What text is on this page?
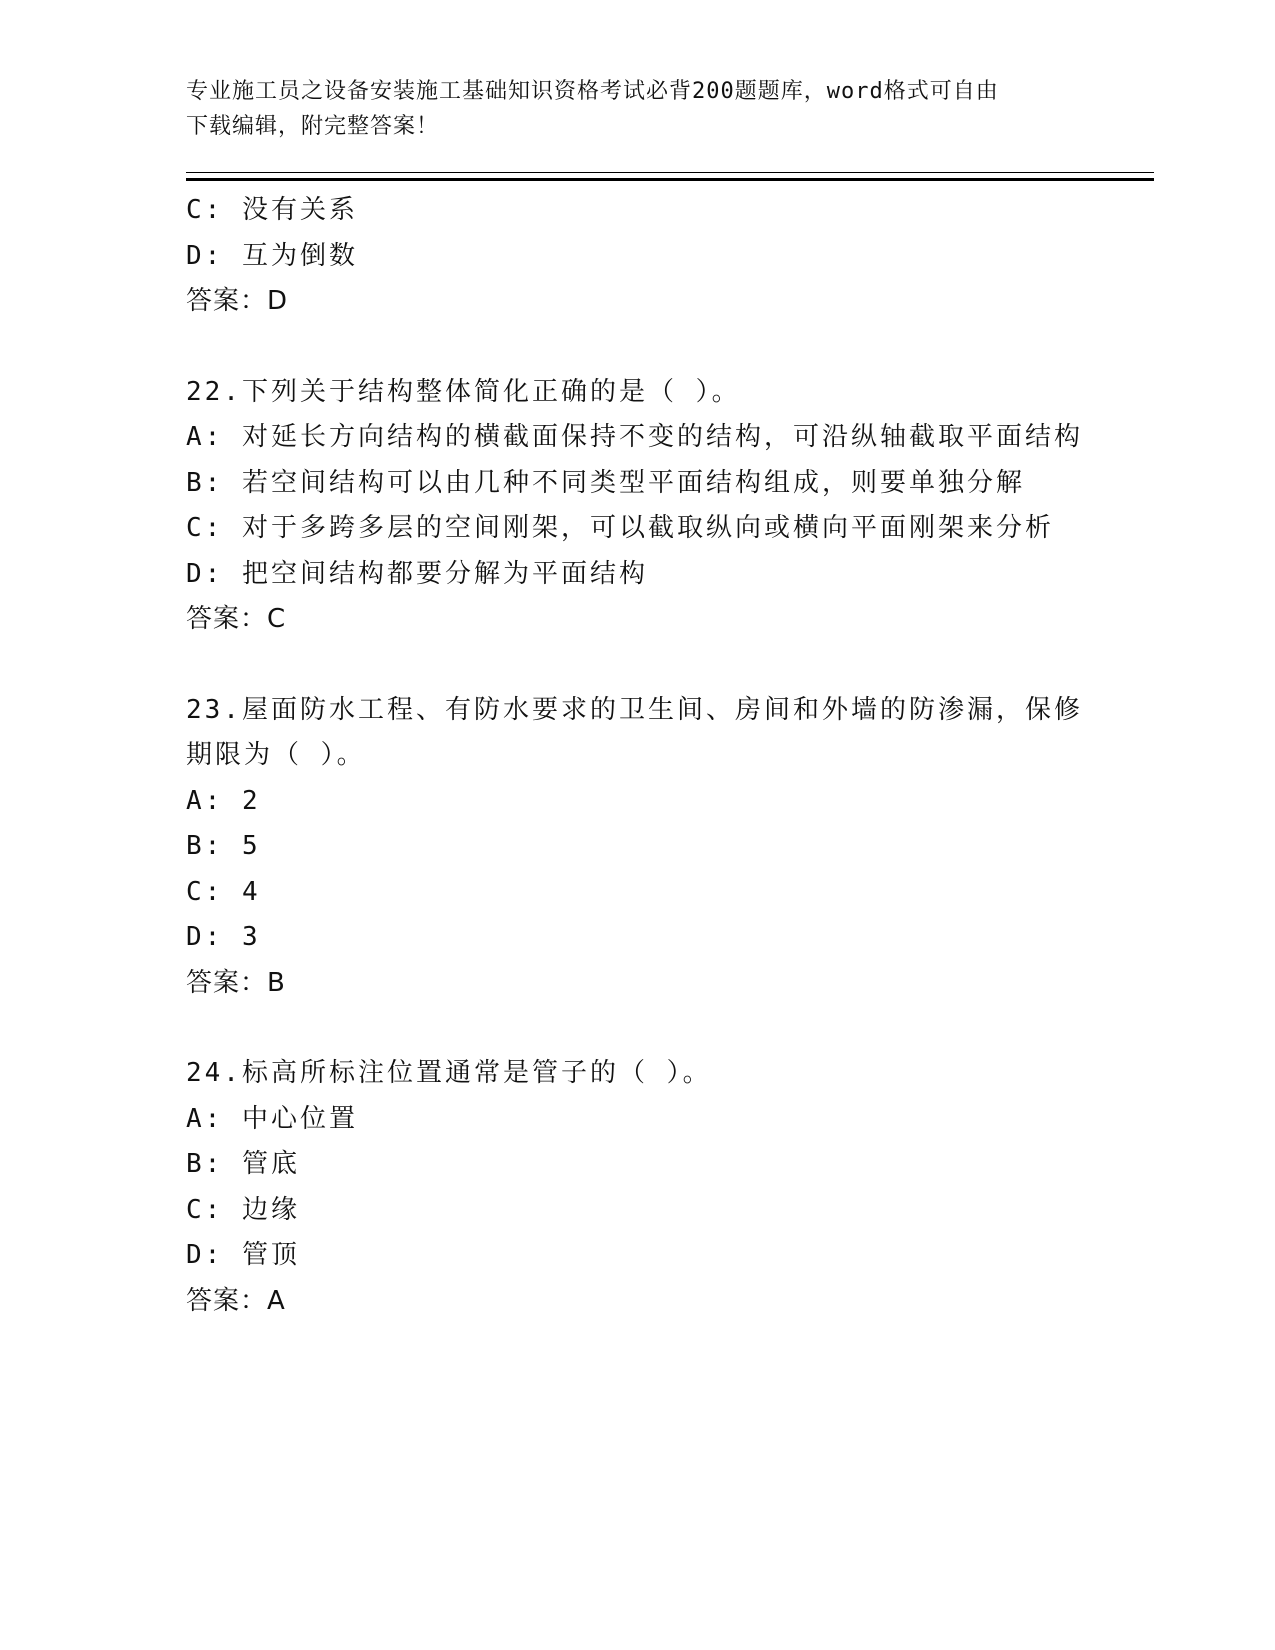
专业施工员之设备安装施工基础知识资格考试必背200题题库，word格式可自由
下载编辑，附完整答案！
C: 没有关系
D: 互为倒数
答案：D
22.下列关于结构整体简化正确的是（ ）。
A: 对延长方向结构的横截面保持不变的结构，可沿纵轴截取平面结构
B: 若空间结构可以由几种不同类型平面结构组成，则要单独分解
C: 对于多跨多层的空间刚架，可以截取纵向或横向平面刚架来分析
D: 把空间结构都要分解为平面结构
答案：C
23.屋面防水工程、有防水要求的卫生间、房间和外墙的防渗漏，保修
期限为（ ）。
A: 2
B: 5
C: 4
D: 3
答案：B
24.标高所标注位置通常是管子的（ ）。
A: 中心位置
B: 管底
C: 边缘
D: 管顶
答案：A
